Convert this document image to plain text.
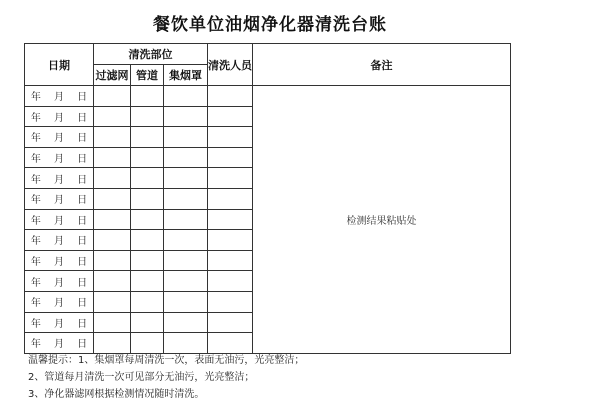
餐饮单位油烟净化器清洗台账
日期	清洗部位			清洗人员	备注
	过滤网	管道	集烟罩		
年 月 日					检测结果粘贴处
年 月 日					
年 月 日					
年 月 日					
年 月 日					
年 月 日					
年 月 日					
年 月 日					
年 月 日					
年 月 日					
年 月 日					
年 月 日					
年 月 日					
温馨提示：1、集烟罩每周清洗一次，表面无油污，光亮整洁；
2、管道每月清洗一次可见部分无油污，光亮整洁；
3、净化器滤网根据检测情况随时清洗。
